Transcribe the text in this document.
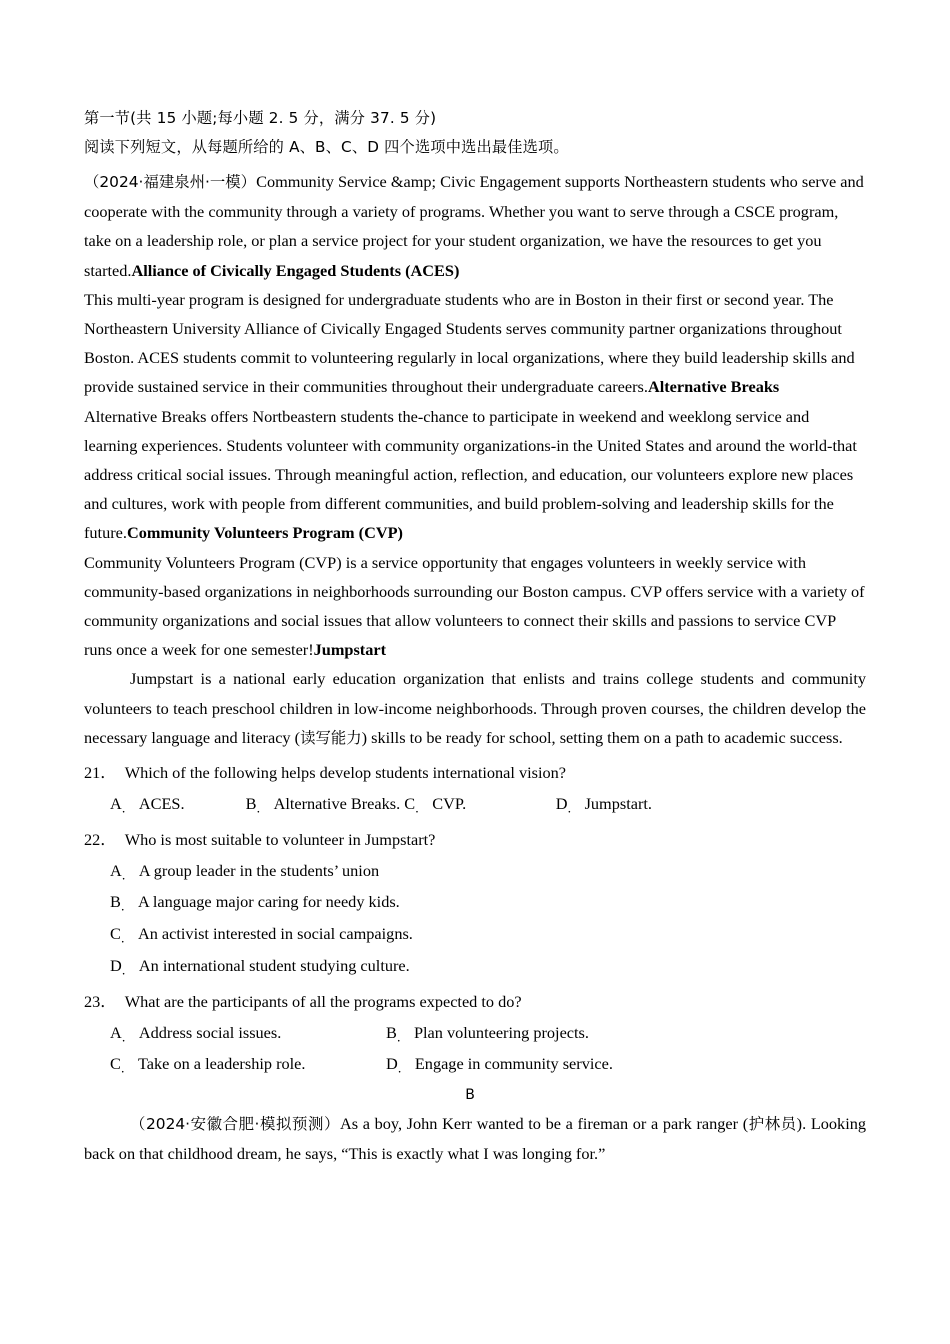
第一节(共 15 小题;每小题 2. 5 分，满分 37. 5 分)
阅读下列短文，从每题所给的 A、B、C、D 四个选项中选出最佳选项。

（2024·福建泉州·一模）Community Service &amp; Civic Engagement supports Northeastern students who serve and cooperate with the community through a variety of programs. Whether you want to serve through a CSCE program, take on a leadership role, or plan a service project for your student organization, we have the resources to get you started.Alliance of Civically Engaged Students (ACES)

This multi-year program is designed for undergraduate students who are in Boston in their first or second year. The Northeastern University Alliance of Civically Engaged Students serves community partner organizations throughout Boston. ACES students commit to volunteering regularly in local organizations, where they build leadership skills and provide sustained service in their communities throughout their undergraduate careers.Alternative Breaks

Alternative Breaks offers Nortbeastern students the-chance to participate in weekend and weeklong service and learning experiences. Students volunteer with community organizations-in the United States and around the world-that address critical social issues. Through meaningful action, reflection, and education, our volunteers explore new places and cultures, work with people from different communities, and build problem-solving and leadership skills for the future.Community Volunteers Program (CVP)

Community Volunteers Program (CVP) is a service opportunity that engages volunteers in weekly service with community-based organizations in neighborhoods surrounding our Boston campus. CVP offers service with a variety of community organizations and social issues that allow volunteers to connect their skills and passions to service CVP runs once a week for one semester!Jumpstart

Jumpstart is a national early education organization that enlists and trains college students and community volunteers to teach preschool children in low-income neighborhoods. Through proven courses, the children develop the necessary language and literacy (读写能力) skills to be ready for school, setting them on a path to academic success.

21． Which of the following helps develop students international vision?
A． ACES.	B． Alternative Breaks. C． CVP.	D． Jumpstart.
22． Who is most suitable to volunteer in Jumpstart?
A． A group leader in the students’ union
B． A language major caring for needy kids.
C． An activist interested in social campaigns.
D． An international student studying culture.
23． What are the participants of all the programs expected to do?
A． Address social issues.	B． Plan volunteering projects.
C． Take on a leadership role.	D． Engage in community service.
B

（2024·安徽合肥·模拟预测）As a boy, John Kerr wanted to be a fireman or a park ranger (护林员). Looking back on that childhood dream, he says, “This is exactly what I was longing for.”
